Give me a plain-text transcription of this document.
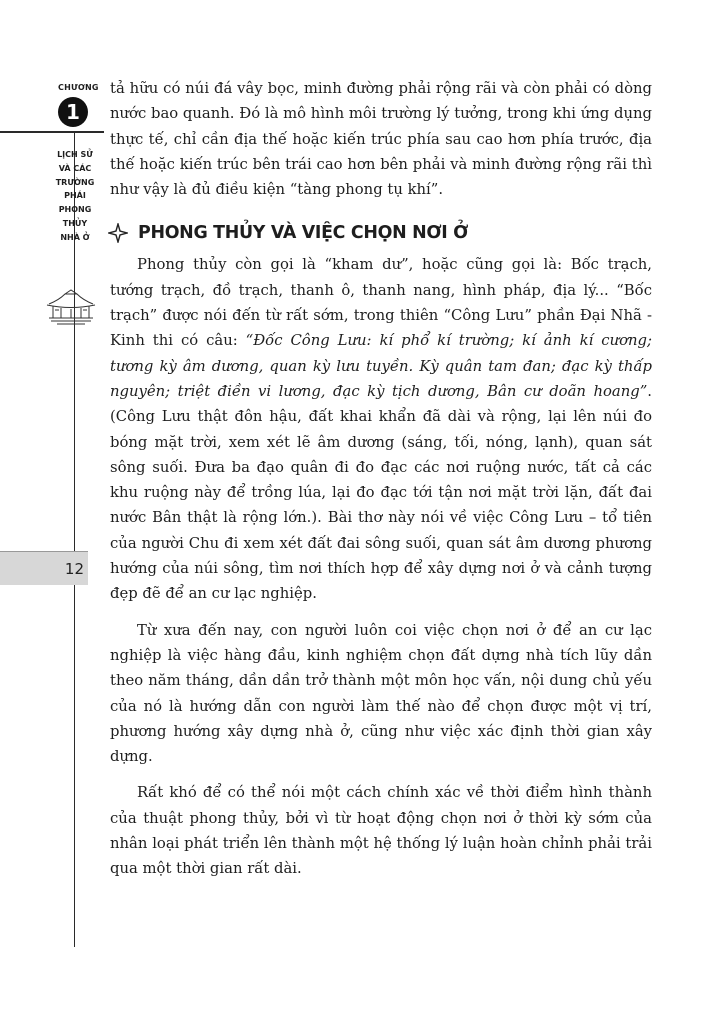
CHƯƠNG
1
LỊCH SỬ
VÀ CÁC
TRƯỜNG
PHÁI
PHONG
THỦY
NHÀ Ở
12

tả hữu có núi đá vây bọc, minh đường phải rộng rãi và còn phải có dòng nước bao quanh. Đó là mô hình môi trường lý tưởng, trong khi ứng dụng thực tế, chỉ cần địa thế hoặc kiến trúc phía sau cao hơn phía trước, địa thế hoặc kiến trúc bên trái cao hơn bên phải và minh đường rộng rãi thì như vậy là đủ điều kiện “tàng phong tụ khí”.

PHONG THỦY VÀ VIỆC CHỌN NƠI Ở

Phong thủy còn gọi là “kham dư”, hoặc cũng gọi là: Bốc trạch, tướng trạch, đồ trạch, thanh ô, thanh nang, hình pháp, địa lý... “Bốc trạch” được nói đến từ rất sớm, trong thiên “Công Lưu” phần Đại Nhã - Kinh thi có câu: “Đốc Công Lưu: kí phổ kí trường; kí ảnh kí cương; tương kỳ âm dương, quan kỳ lưu tuyền. Kỳ quân tam đan; đạc kỳ thấp nguyên; triệt điền vi lương, đạc kỳ tịch dương, Bân cư doãn hoang”. (Công Lưu thật đôn hậu, đất khai khẩn đã dài và rộng, lại lên núi đo bóng mặt trời, xem xét lẽ âm dương (sáng, tối, nóng, lạnh), quan sát sông suối. Đưa ba đạo quân đi đo đạc các nơi ruộng nước, tất cả các khu ruộng này để trồng lúa, lại đo đạc tới tận nơi mặt trời lặn, đất đai nước Bân thật là rộng lớn.). Bài thơ này nói về việc Công Lưu – tổ tiên của người Chu đi xem xét đất đai sông suối, quan sát âm dương phương hướng của núi sông, tìm nơi thích hợp để xây dựng nơi ở và cảnh tượng đẹp đẽ để an cư lạc nghiệp.

Từ xưa đến nay, con người luôn coi việc chọn nơi ở để an cư lạc nghiệp là việc hàng đầu, kinh nghiệm chọn đất dựng nhà tích lũy dần theo năm tháng, dần dần trở thành một môn học vấn, nội dung chủ yếu của nó là hướng dẫn con người làm thế nào để chọn được một vị trí, phương hướng xây dựng nhà ở, cũng như việc xác định thời gian xây dựng.

Rất khó để có thể nói một cách chính xác về thời điểm hình thành của thuật phong thủy, bởi vì từ hoạt động chọn nơi ở thời kỳ sớm của nhân loại phát triển lên thành một hệ thống lý luận hoàn chỉnh phải trải qua một thời gian rất dài.
